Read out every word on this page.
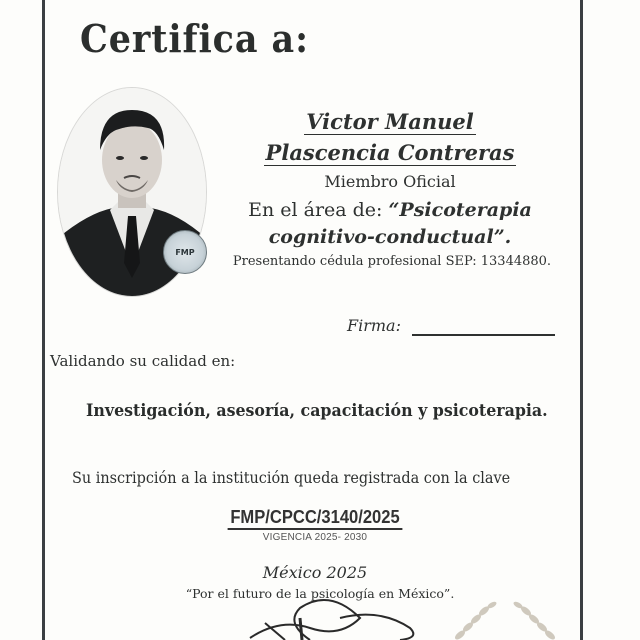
Certifica a:
FMP
Victor Manuel
Plascencia Contreras
Miembro Oficial
En el área de: “Psicoterapia
cognitivo-conductual”.
Presentando cédula profesional SEP: 13344880.
Firma:
Validando su calidad en:
Investigación, asesoría, capacitación y psicoterapia.
Su inscripción a la institución queda registrada con la clave
FMP/CPCC/3140/2025
VIGENCIA 2025- 2030
México 2025
“Por el futuro de la psicología en México”.
